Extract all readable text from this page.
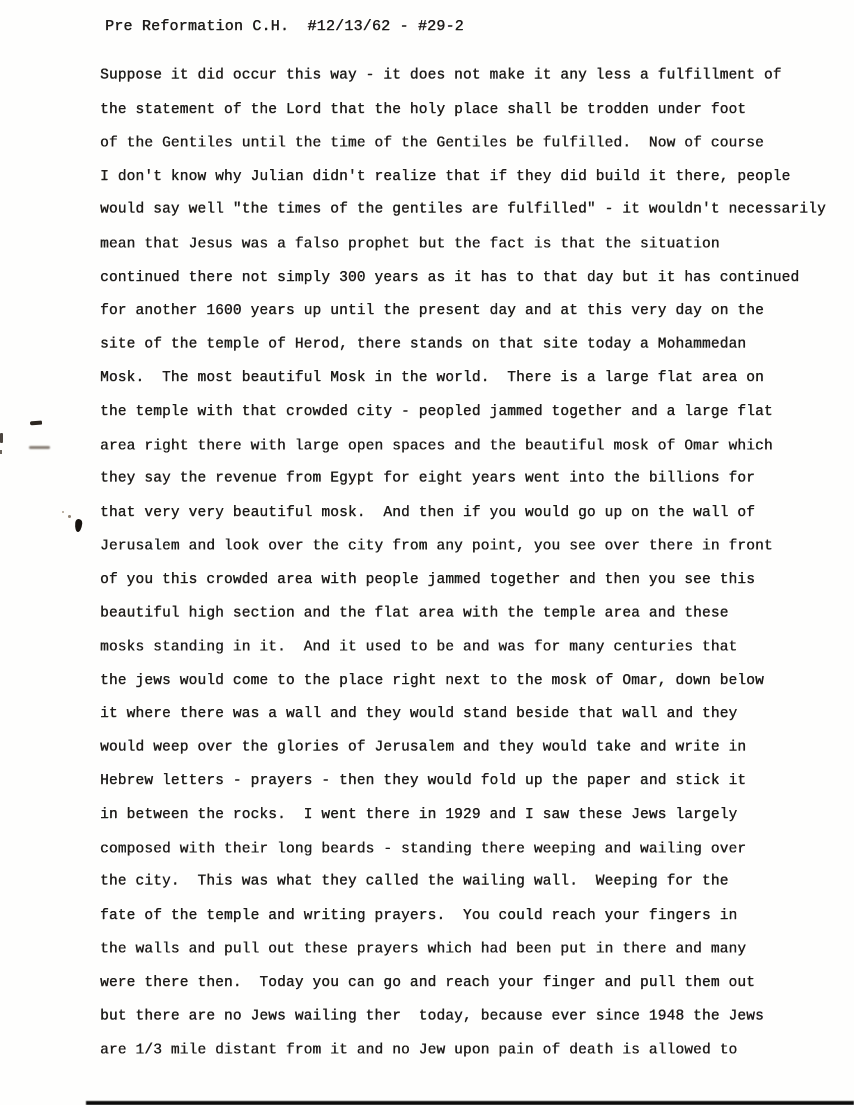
Pre Reformation C.H.  #12/13/62 - #29-2
Suppose it did occur this way - it does not make it any less a fulfillment of
the statement of the Lord that the holy place shall be trodden under foot
of the Gentiles until the time of the Gentiles be fulfilled.  Now of course
I don't know why Julian didn't realize that if they did build it there, people
would say well "the times of the gentiles are fulfilled" - it wouldn't necessarily
mean that Jesus was a falso prophet but the fact is that the situation
continued there not simply 300 years as it has to that day but it has continued
for another 1600 years up until the present day and at this very day on the
site of the temple of Herod, there stands on that site today a Mohammedan
Mosk.  The most beautiful Mosk in the world.  There is a large flat area on
the temple with that crowded city - peopled jammed together and a large flat
area right there with large open spaces and the beautiful mosk of Omar which
they say the revenue from Egypt for eight years went into the billions for
that very very beautiful mosk.  And then if you would go up on the wall of
Jerusalem and look over the city from any point, you see over there in front
of you this crowded area with people jammed together and then you see this
beautiful high section and the flat area with the temple area and these
mosks standing in it.  And it used to be and was for many centuries that
the jews would come to the place right next to the mosk of Omar, down below
it where there was a wall and they would stand beside that wall and they
would weep over the glories of Jerusalem and they would take and write in
Hebrew letters - prayers - then they would fold up the paper and stick it
in between the rocks.  I went there in 1929 and I saw these Jews largely
composed with their long beards - standing there weeping and wailing over
the city.  This was what they called the wailing wall.  Weeping for the
fate of the temple and writing prayers.  You could reach your fingers in
the walls and pull out these prayers which had been put in there and many
were there then.  Today you can go and reach your finger and pull them out
but there are no Jews wailing ther  today, because ever since 1948 the Jews
are 1/3 mile distant from it and no Jew upon pain of death is allowed to
